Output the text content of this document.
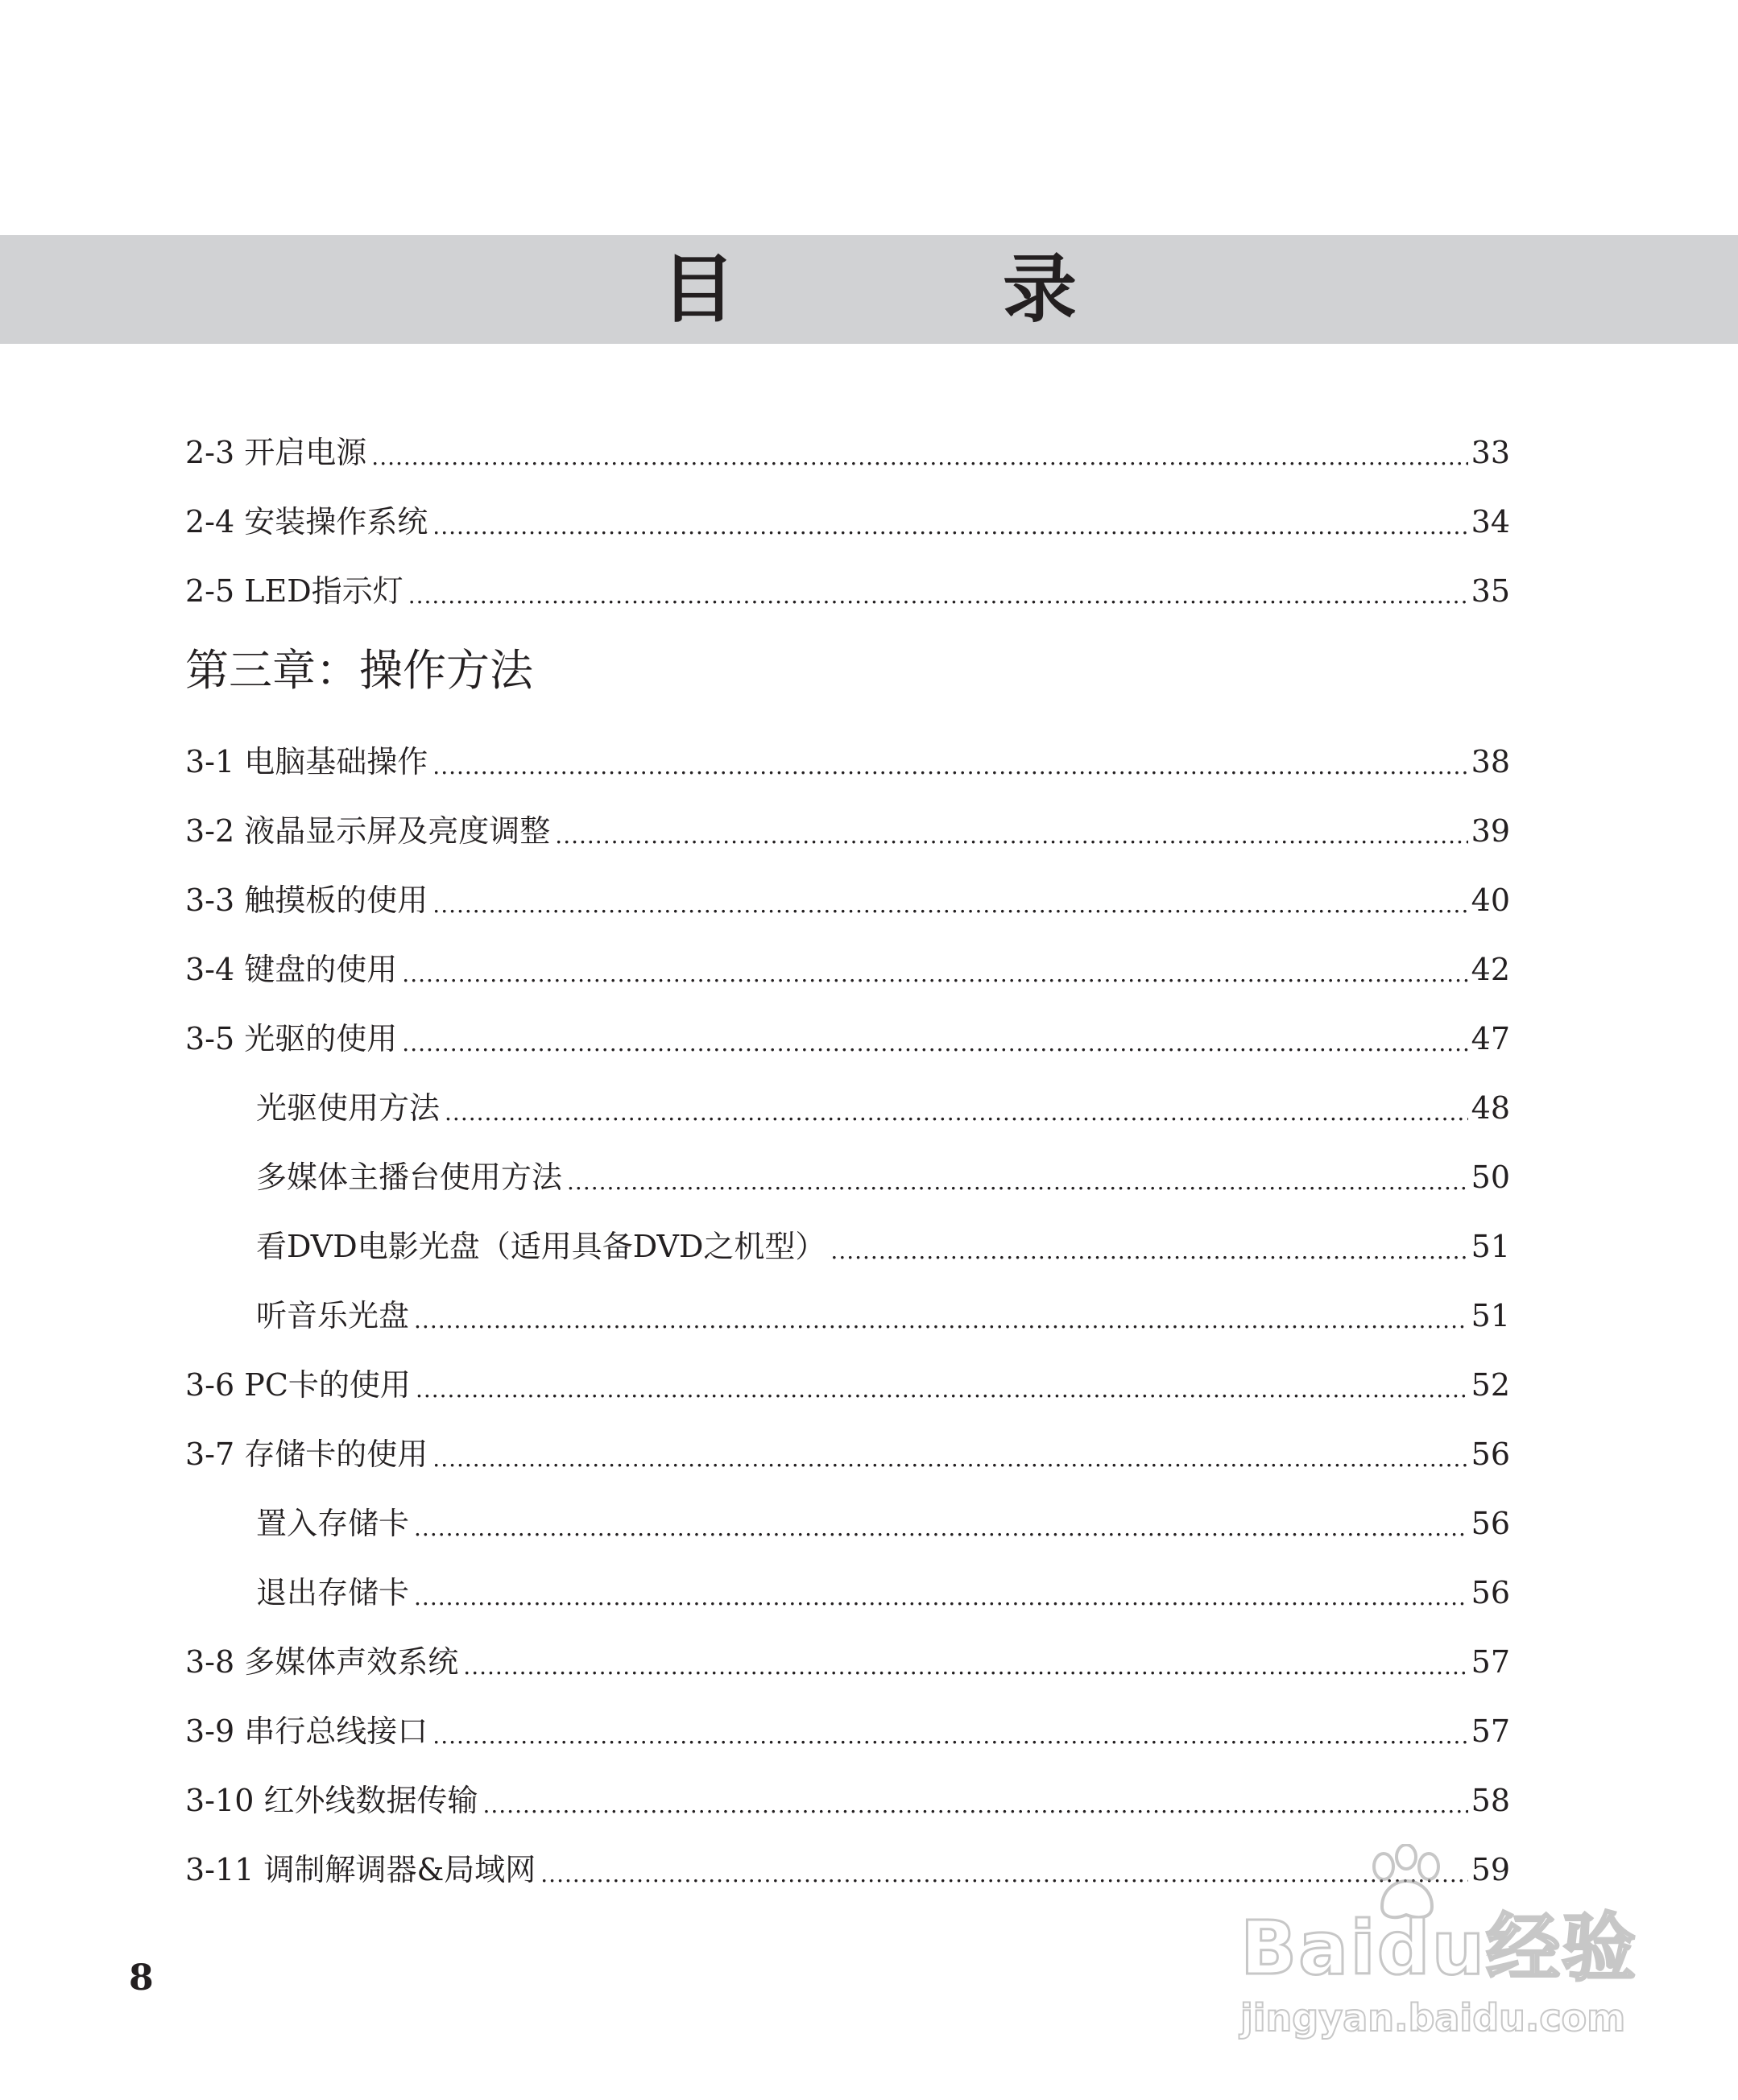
目　录
2-3 开启电源 .....	33
2-4 安装操作系统 .....	34
2-5 LED指示灯 .....	35
第三章：操作方法
3-1 电脑基础操作 .....	38
3-2 液晶显示屏及亮度调整 .....	39
3-3 触摸板的使用 .....	40
3-4 键盘的使用 .....	42
3-5 光驱的使用 .....	47
光驱使用方法 .....	48
多媒体主播台使用方法 .....	50
看DVD电影光盘（适用具备DVD之机型） .....	51
听音乐光盘 .....	51
3-6 PC卡的使用 .....	52
3-7 存储卡的使用 .....	56
置入存储卡 .....	56
退出存储卡 .....	56
3-8 多媒体声效系统 .....	57
3-9 串行总线接口 .....	57
3-10 红外线数据传输 .....	58
3-11 调制解调器&局域网 .....	59
8	Baidu经验
jingyan.baidu.com
